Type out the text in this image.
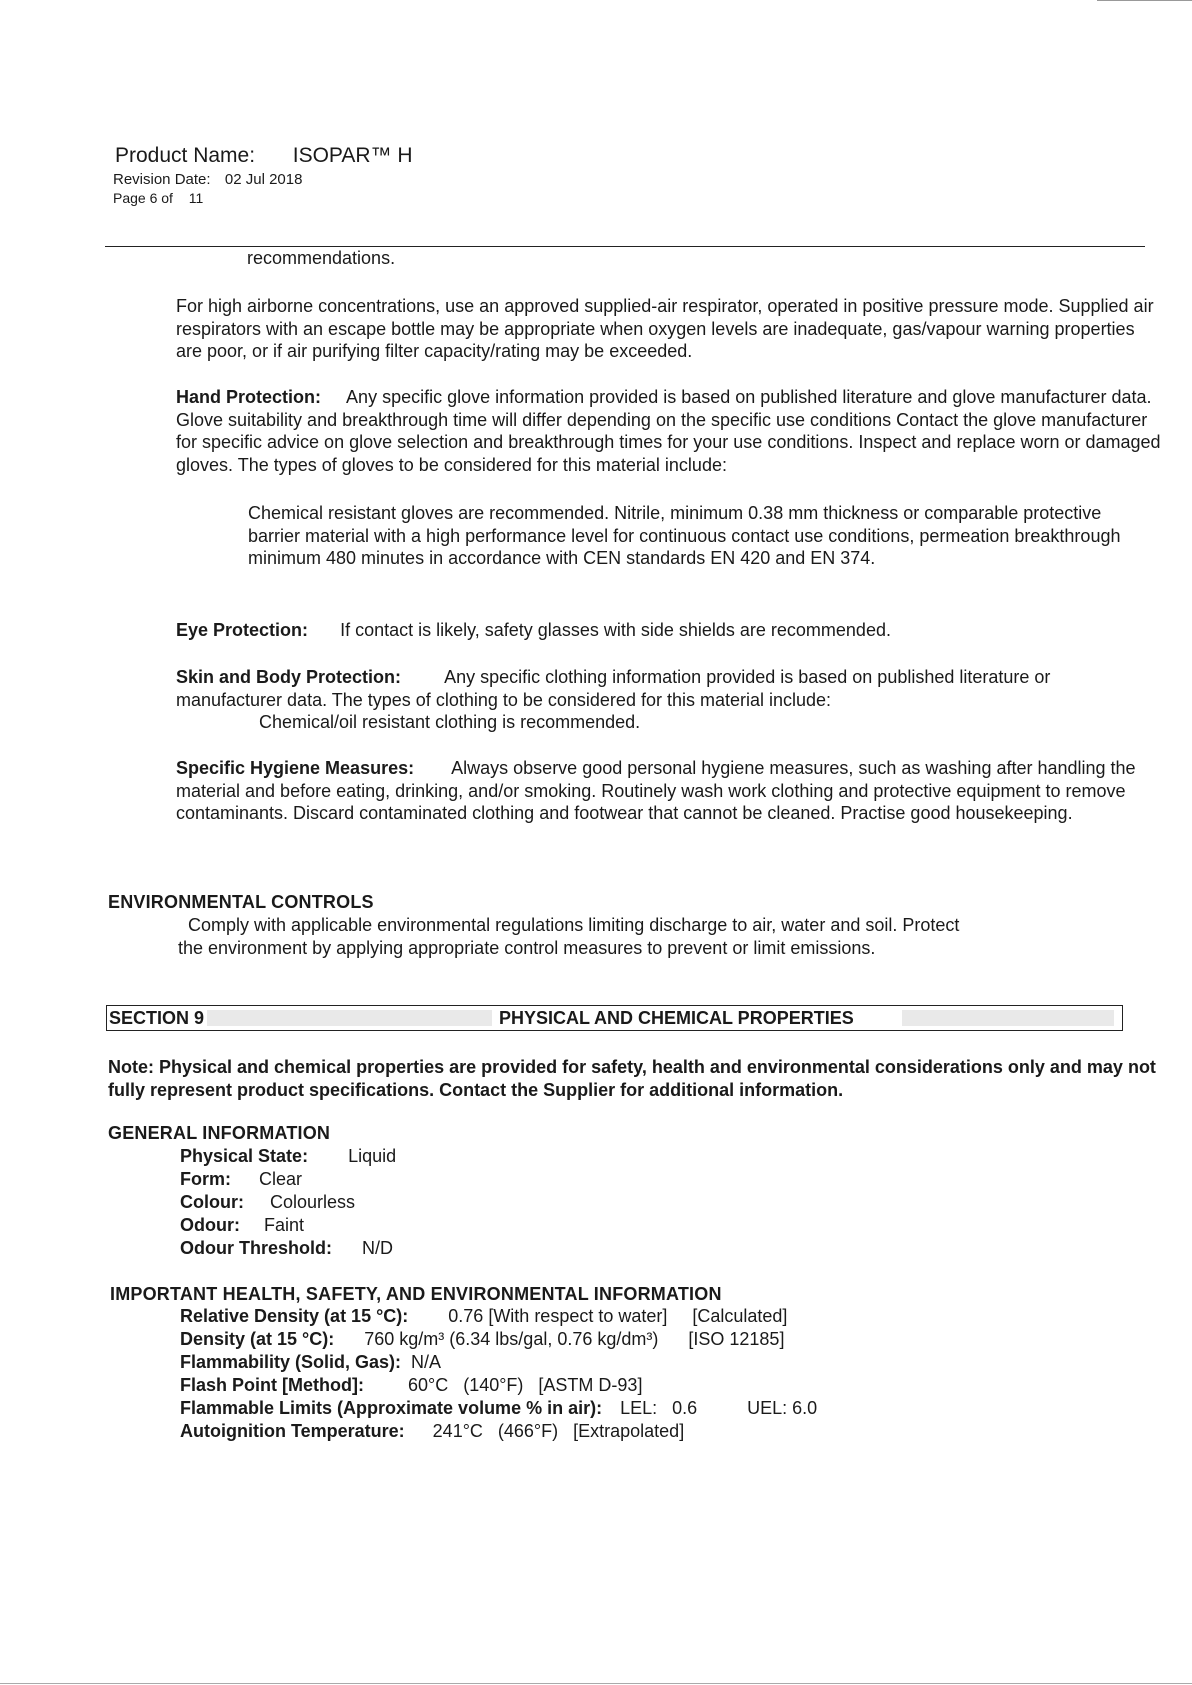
Product Name: ISOPAR™ H
Revision Date: 02 Jul 2018
Page 6 of 11
recommendations.
For high airborne concentrations, use an approved supplied-air respirator, operated in positive pressure mode. Supplied air respirators with an escape bottle may be appropriate when oxygen levels are inadequate, gas/vapour warning properties are poor, or if air purifying filter capacity/rating may be exceeded.
Hand Protection: Any specific glove information provided is based on published literature and glove manufacturer data. Glove suitability and breakthrough time will differ depending on the specific use conditions Contact the glove manufacturer for specific advice on glove selection and breakthrough times for your use conditions. Inspect and replace worn or damaged gloves. The types of gloves to be considered for this material include:
Chemical resistant gloves are recommended. Nitrile, minimum 0.38 mm thickness or comparable protective barrier material with a high performance level for continuous contact use conditions, permeation breakthrough minimum 480 minutes in accordance with CEN standards EN 420 and EN 374.
Eye Protection: If contact is likely, safety glasses with side shields are recommended.
Skin and Body Protection: Any specific clothing information provided is based on published literature or manufacturer data. The types of clothing to be considered for this material include:
Chemical/oil resistant clothing is recommended.
Specific Hygiene Measures: Always observe good personal hygiene measures, such as washing after handling the material and before eating, drinking, and/or smoking. Routinely wash work clothing and protective equipment to remove contaminants. Discard contaminated clothing and footwear that cannot be cleaned. Practise good housekeeping.
ENVIRONMENTAL CONTROLS
Comply with applicable environmental regulations limiting discharge to air, water and soil. Protect the environment by applying appropriate control measures to prevent or limit emissions.
SECTION 9	PHYSICAL AND CHEMICAL PROPERTIES
Note: Physical and chemical properties are provided for safety, health and environmental considerations only and may not fully represent product specifications. Contact the Supplier for additional information.
GENERAL INFORMATION
Physical State: Liquid
Form: Clear
Colour: Colourless
Odour: Faint
Odour Threshold: N/D
IMPORTANT HEALTH, SAFETY, AND ENVIRONMENTAL INFORMATION
Relative Density (at 15 °C): 0.76 [With respect to water]     [Calculated]
Density (at 15 °C): 760 kg/m³ (6.34 lbs/gal, 0.76 kg/dm³)      [ISO 12185]
Flammability (Solid, Gas): N/A
Flash Point [Method]: 60°C   (140°F)   [ASTM D-93]
Flammable Limits (Approximate volume % in air): LEL:   0.6          UEL: 6.0
Autoignition Temperature: 241°C   (466°F)   [Extrapolated]
